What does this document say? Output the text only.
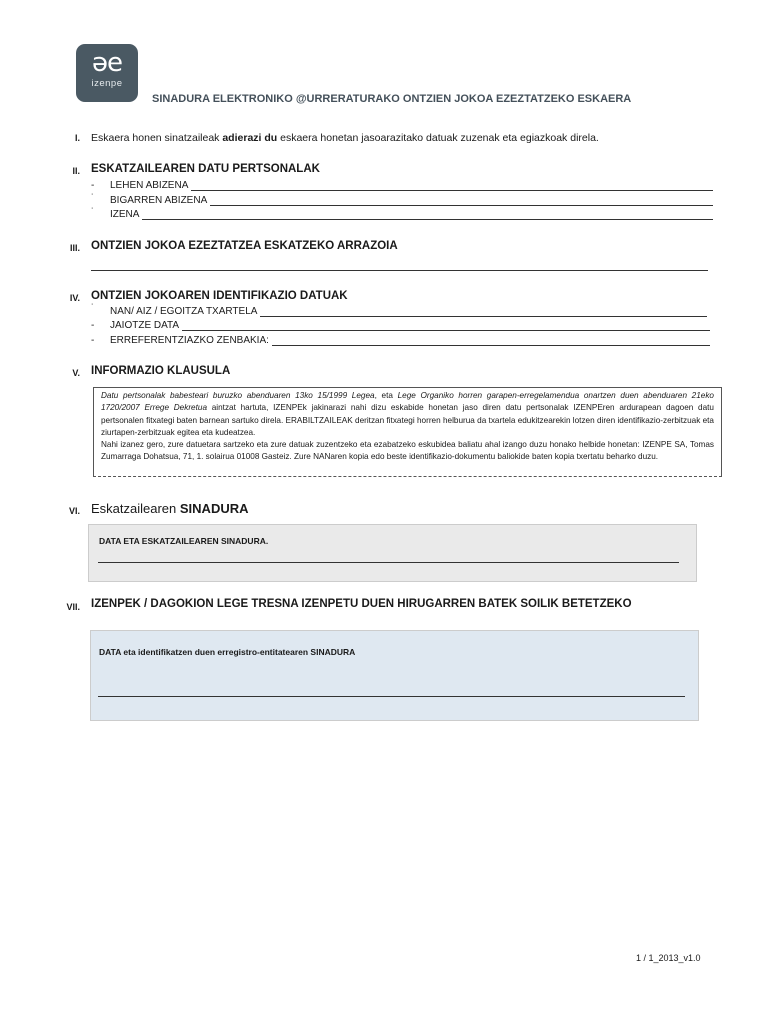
əe
izenpe
SINADURA ELEKTRONIKO @URRERATURAKO ONTZIEN JOKOA EZEZTATZEKO ESKAERA
I. Eskaera honen sinatzaileak adierazi du eskaera honetan jasoarazitako datuak zuzenak eta egiazkoak direla.
II. ESKATZAILEAREN DATU PERTSONALAK
- LEHEN ABIZENA
˙ BIGARREN ABIZENA
˙ IZENA
III. ONTZIEN JOKOA EZEZTATZEA ESKATZEKO ARRAZOIA
IV. ONTZIEN JOKOAREN IDENTIFIKAZIO DATUAK
˙ NAN/ AIZ / EGOITZA TXARTELA
- JAIOTZE DATA
- ERREFERENTZIAZKO ZENBAKIA:
V. INFORMAZIO KLAUSULA

Datu pertsonalak babesteari buruzko abenduaren 13ko 15/1999 Legea, eta Lege Organiko horren garapen-erregelamendua onartzen duen abenduaren 21eko 1720/2007 Erregе Dekretua aintzat hartuta, IZENPEk jakinarazi nahi dizu eskabide honetan jaso diren datu pertsonalak IZENPEren ardurapean dagoen datu pertsonalen fitxategi baten barnean sartuko direla. ERABILTZAILEAK deritzan fitxategi horren helburua da txartela edukitzearekin lotzen diren identifikazio-zerbitzuak eta ziurtapen-zerbitzuak egitea eta kudeatzea.

Nahi izanez gero, zure datuetara sartzeko eta zure datuak zuzentzeko eta ezabatzeko eskubidea baliatu ahal izango duzu honako helbide honetan: IZENPE SA, Tomas Zumarraga Dohatsua, 71, 1. solairua 01008 Gasteiz. Zure NANaren kopia edo beste identifikazio-dokumentu baliokide baten kopia txertatu beharko duzu.

VI. Eskatzailearen SINADURA
DATA ETA ESKATZAILEAREN SINADURA.
VII. IZENPEK / DAGOKION LEGE TRESNA IZENPETU DUEN HIRUGARREN BATEK SOILIK BETETZEKO
DATA eta identifikatzen duen erregistro-entitatearen SINADURA
1 / 1_2013_v1.0
